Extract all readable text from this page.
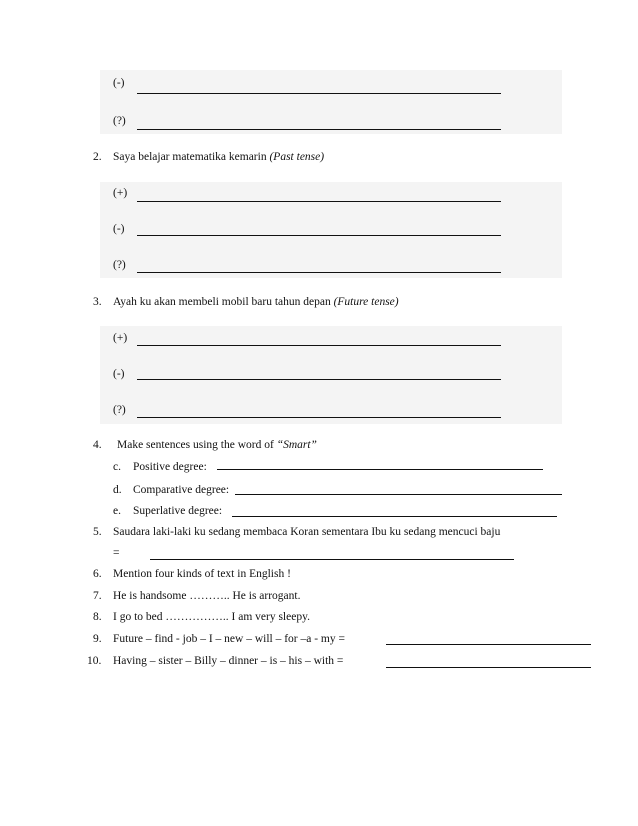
(-)
(?)
2. Saya belajar matematika kemarin (Past tense)
(+)
(-)
(?)
3. Ayah ku akan membeli mobil baru tahun depan (Future tense)
(+)
(-)
(?)
4. Make sentences using the word of “Smart”
c. Positive degree:
d. Comparative degree:
e. Superlative degree:
5. Saudara laki-laki ku sedang membaca Koran sementara Ibu ku sedang mencuci baju
=
6. Mention four kinds of text in English !
7. He is handsome ……….. He is arrogant.
8. I go to bed …………….. I am very sleepy.
9. Future – find - job – I – new – will – for –a - my =
10. Having – sister – Billy – dinner – is – his – with =
